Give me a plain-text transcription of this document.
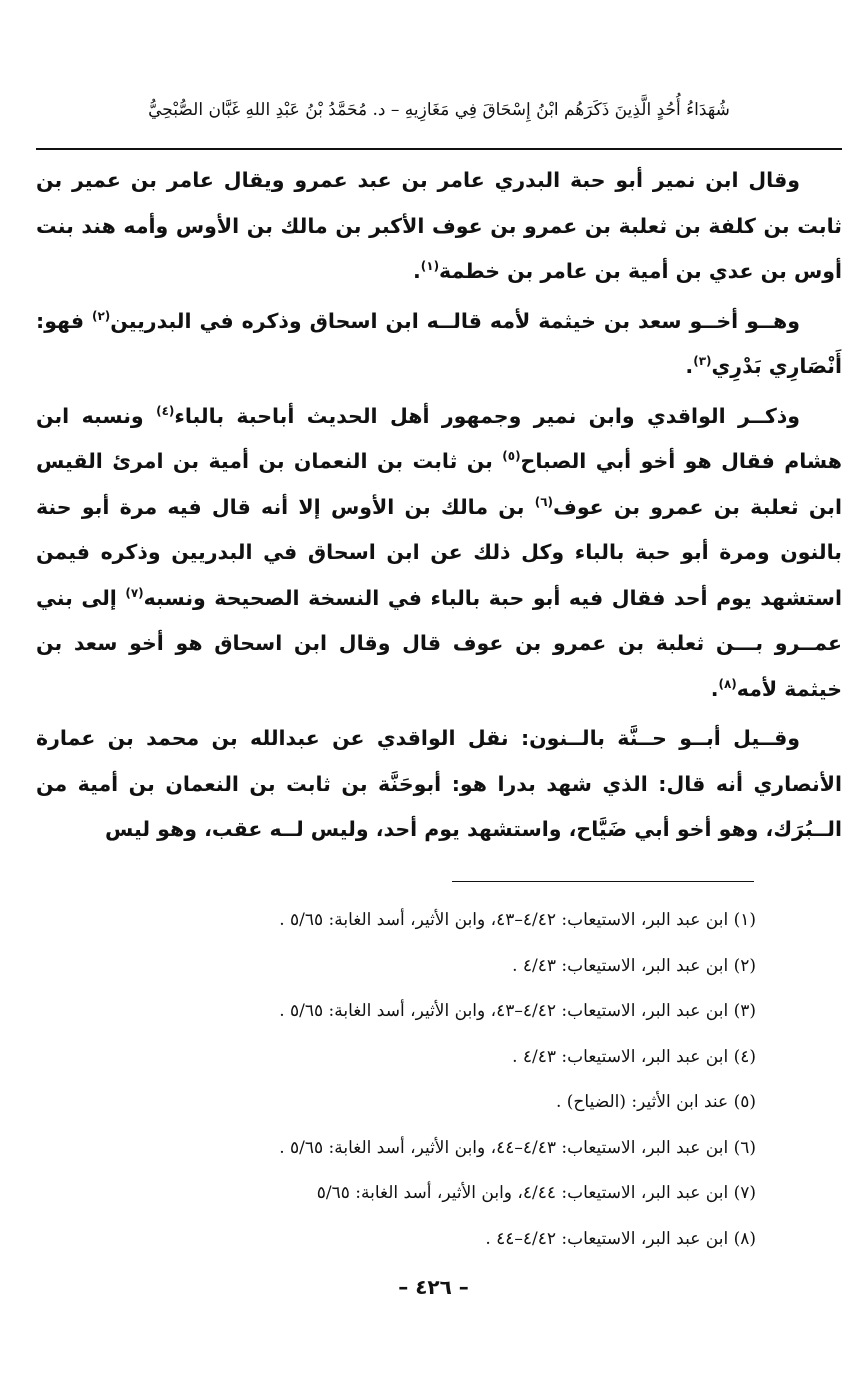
شُهَدَاءُ أُحُدٍ الَّذِينَ ذَكَرَهُم ابْنُ إِسْحَاقَ فِي مَغَازِيهِ – د. مُحَمَّدُ بْنُ عَبْدِ اللهِ غَبَّان الصُّبْحِيُّ

وقال ابن نمير أبو حبة البدري عامر بن عبد عمرو ويقال عامر بن عمير بن ثابت بن كلفة بن ثعلبة بن عمرو بن عوف الأكبر بن مالك بن الأوس وأمه هند بنت أوس بن عدي بن أمية بن عامر بن خطمة$^{(١)}$.

وهــو أخــو سعد بن خيثمة لأمه قالــه ابن اسحاق وذكره في البدريين$^{(٢)}$ فهو: أَنْصَارِي بَدْرِي$^{(٣)}$.

وذكــر الواقدي وابن نمير وجمهور أهل الحديث أباحبة بالباء$^{(٤)}$ ونسبه ابن هشام فقال هو أخو أبي الصباح$^{(٥)}$ بن ثابت بن النعمان بن أمية بن امرئ القيس ابن ثعلبة بن عمرو بن عوف$^{(٦)}$ بن مالك بن الأوس إلا أنه قال فيه مرة أبو حنة بالنون ومرة أبو حبة بالباء وكل ذلك عن ابن اسحاق في البدريين وذكره فيمن استشهد يوم أحد فقال فيه أبو حبة بالباء في النسخة الصحيحة ونسبه$^{(٧)}$ إلى بني عمــرو بـــن ثعلبة بن عمرو بن عوف قال وقال ابن اسحاق هو أخو سعد بن خيثمة لأمه$^{(٨)}$.

وقــيل أبــو حــنَّة بالــنون: نقل الواقدي عن عبدالله بن محمد بن عمارة الأنصاري أنه قال: الذي شهد بدرا هو: أبوحَنَّة بن ثابت بن النعمان بن أمية من الــبُرَك، وهو أخو أبي ضَيَّاح، واستشهد يوم أحد، وليس لــه عقب، وهو ليس

(١) ابن عبد البر، الاستيعاب: ٤/٤٢–٤٣، وابن الأثير، أسد الغابة: ٥/٦٥ .
(٢) ابن عبد البر، الاستيعاب: ٤/٤٣ .
(٣) ابن عبد البر، الاستيعاب: ٤/٤٢–٤٣، وابن الأثير، أسد الغابة: ٥/٦٥ .
(٤) ابن عبد البر، الاستيعاب: ٤/٤٣ .
(٥) عند ابن الأثير: (الضياح) .
(٦) ابن عبد البر، الاستيعاب: ٤/٤٣–٤٤، وابن الأثير، أسد الغابة: ٥/٦٥ .
(٧) ابن عبد البر، الاستيعاب: ٤/٤٤، وابن الأثير، أسد الغابة: ٥/٦٥
(٨) ابن عبد البر، الاستيعاب: ٤/٤٢–٤٤ .
– ٤٢٦ –
